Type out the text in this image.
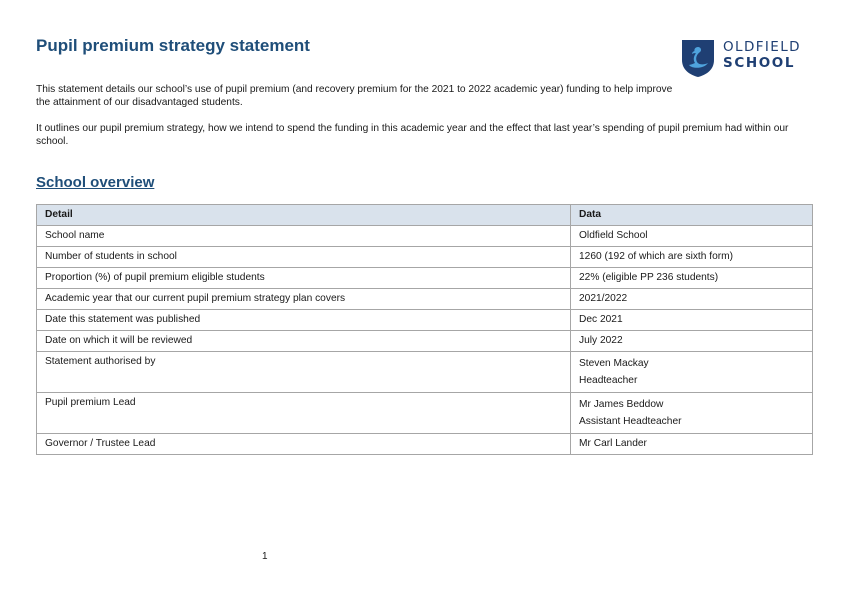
Pupil premium strategy statement	OLDFIELD
SCHOOL

This statement details our school’s use of pupil premium (and recovery premium for the 2021 to 2022 academic year) funding to help improve the attainment of our disadvantaged students.

It outlines our pupil premium strategy, how we intend to spend the funding in this academic year and the effect that last year’s spending of pupil premium had within our school.

School overview
Detail	Data
School name	Oldfield School
Number of students in school	1260 (192 of which are sixth form)
Proportion (%) of pupil premium eligible students	22% (eligible PP 236 students)
Academic year that our current pupil premium strategy plan covers	2021/2022
Date this statement was published	Dec 2021
Date on which it will be reviewed	July 2022
Statement authorised by	Steven Mackay
Headteacher

Pupil premium Lead	Mr James Beddow
Assistant Headteacher

Governor / Trustee Lead	Mr Carl Lander
1
